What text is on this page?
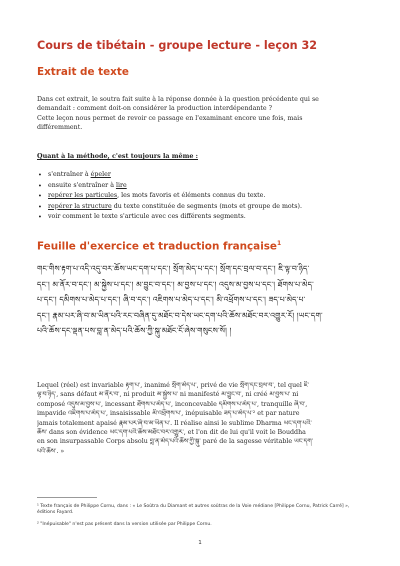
Cours de tibétain - groupe lecture - leçon 32
Extrait de texte
Dans cet extrait, le soutra fait suite à la réponse donnée à la question précédente qui se
demandait : comment doit-on considérer la production interdépendante ?
Cette leçon nous permet de revoir ce passage en l'examinant encore une fois, mais
différemment.
Quant à la méthode, c'est toujours la même :
• s'entraîner à épeler
• ensuite s'entraîner à lire
• repérer les particules, les mots favoris et éléments connus du texte.
• repérer la structure du texte constituée de segments (mots et groupe de mots).
• voir comment le texte s'articule avec ces différents segments.
Feuille d'exercice et traduction française$^1$
གང་གིས་རྟག་པ་འདི་འདུ་བར་ཆོས་ཡང་དག་པ་དང་། སྲོག་མེད་པ་དང་། སྲོག་དང་བྲལ་བ་དང་། ཇི་ལྟ་བ་ཉིད་
དང་། མ་ནོར་བ་དང་། མ་སྐྱེས་པ་དང་། མ་བྱུང་བ་དང་། མ་བྱས་པ་དང་། འདུས་མ་བྱས་པ་དང་། ཐོགས་པ་མེད་
པ་དང་། དམིགས་པ་མེད་པ་དང་། ཞི་བ་དང་། འཇིགས་པ་མེད་པ་དང་། མི་འཕྲོགས་པ་དང་། ཟད་པ་མེད་པ་
དང་། རྣམ་པར་ཞི་བ་མ་ཡིན་པའི་རང་བཞིན་དུ་མཐོང་བ་དེས་ཡང་དག་པའི་ཆོས་མཐོང་བར་འགྱུར་རོ། །ཡང་དག་
པའི་ཆོས་དང་ལྡན་པས་བླ་ན་མེད་པའི་ཆོས་ཀྱི་སྐུ་མཐོང་ངོ་ཞེས་གསུངས་སོ། །
Lequel (réel) est invariable རྟག་པ་, inanimé སྲོག་མེད་པ་, privé de vie སྲོག་དང་བྲལ་བ་, tel quel ཇི་
ལྟ་བ་ཉིད་, sans défaut མ་ནོར་བ་, ni produit མ་སྐྱེས་པ་ ni manifesté མ་བྱུང་བ་, ni créé མ་བྱས་པ་ ni
composé འདུས་མ་བྱས་པ་, incessant ཐོགས་པ་མེད་པ་, inconcevable དམིགས་པ་མེད་པ་, tranquille ཞི་བ་,
impavide འཇིགས་པ་མེད་པ་, insaisissable མི་འཕྲོགས་པ་, inépuisable ཟད་པ་མེད་པ་² et par nature
jamais totalement apaisé རྣམ་པར་ཞི་བ་མ་ཡིན་པ་. Il réalise ainsi le sublime Dharma ཡང་དག་པའི་
ཆོས་ dans son évidence ཡང་དག་པའི་ཆོས་མཐོང་བར་འགྱུར་, et l'on dit de lui qu'il voit le Bouddha
en son insurpassable Corps absolu བླ་ན་མེད་པའི་ཆོས་ཀྱི་སྐུ་ paré de la sagesse véritable ཡང་དག་
པའི་ཆོས་. »
¹ Texte français de Philippe Cornu, dans : « Le Soûtra du Diamant et autres soûtras de la Voie médiane [Philippe Cornu, Patrick Carré] », éditions Fayard.
² "Inépuisable" n'est pas présent dans la version utilisée par Philippe Cornu.
1
